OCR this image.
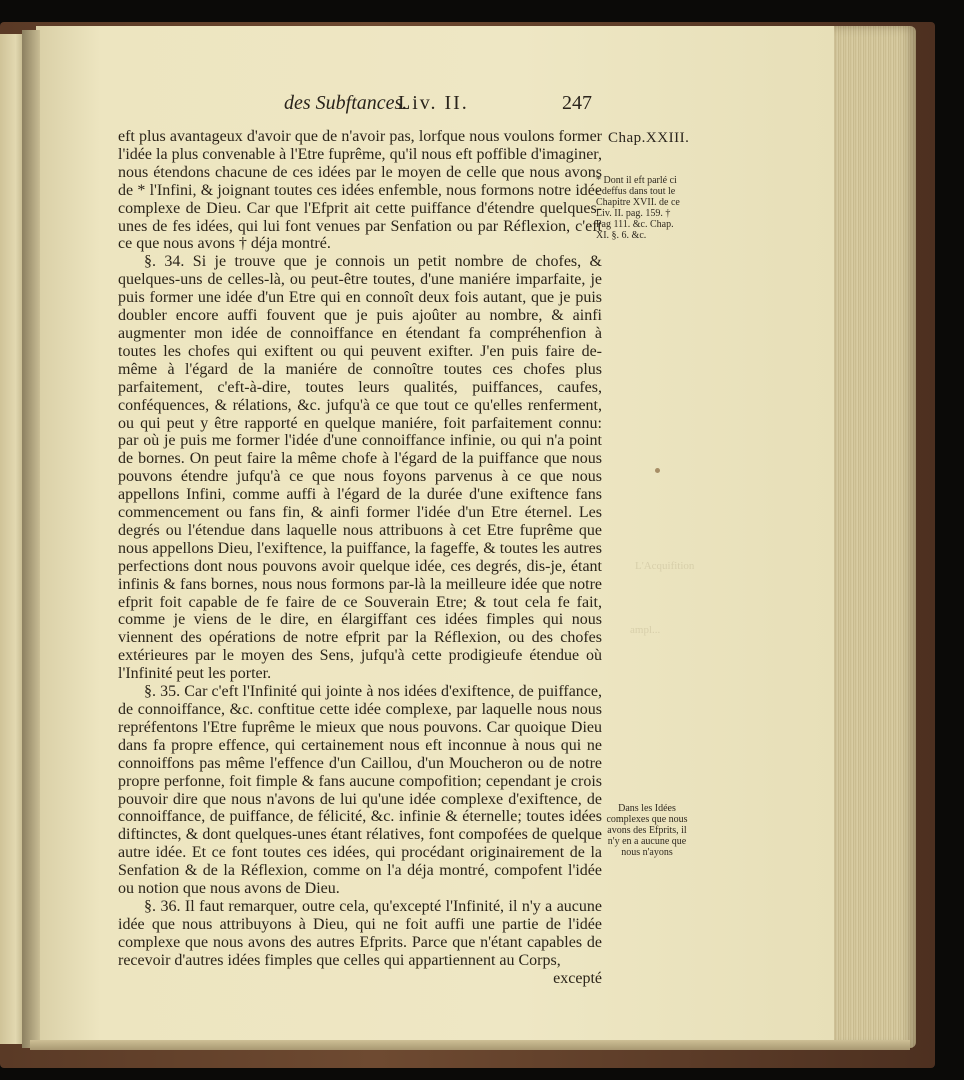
des Subftances.
Liv. II.	247
Chap.XXIII.
* Dont il eft parlé ci - deffus dans tout le Chapitre XVII. de ce Liv. II. pag. 159. † Pag 111. &c. Chap. XI. §. 6. &c.
Dans les Idées complexes que nous avons des Efprits, il n'y en a aucune que nous n'ayons
L'Acquifition
ampl...

eft plus avantageux d'avoir que de n'avoir pas, lorfque nous voulons former l'idée la plus convenable à l'Etre fuprême, qu'il nous eft poffible d'imaginer, nous étendons chacune de ces idées par le moyen de celle que nous avons de * l'Infini, & joignant toutes ces idées enfemble, nous formons notre idée complexe de Dieu. Car que l'Efprit ait cette puiffance d'étendre quelques-unes de fes idées, qui lui font venues par Senfation ou par Réflexion, c'eft ce que nous avons † déja montré.

§. 34. Si je trouve que je connois un petit nombre de chofes, & quelques-uns de celles-là, ou peut-être toutes, d'une maniére imparfaite, je puis former une idée d'un Etre qui en connoît deux fois autant, que je puis doubler encore auffi fouvent que je puis ajoûter au nombre, & ainfi augmenter mon idée de connoiffance en étendant fa compréhenfion à toutes les chofes qui exiftent ou qui peuvent exifter. J'en puis faire de-même à l'égard de la maniére de connoître toutes ces chofes plus parfaitement, c'eft-à-dire, toutes leurs qualités, puiffances, caufes, conféquences, & rélations, &c. jufqu'à ce que tout ce qu'elles renferment, ou qui peut y être rapporté en quelque maniére, foit parfaitement connu: par où je puis me former l'idée d'une connoiffance infinie, ou qui n'a point de bornes. On peut faire la même chofe à l'égard de la puiffance que nous pouvons étendre jufqu'à ce que nous foyons parvenus à ce que nous appellons Infini, comme auffi à l'égard de la durée d'une exiftence fans commencement ou fans fin, & ainfi former l'idée d'un Etre éternel. Les degrés ou l'étendue dans laquelle nous attribuons à cet Etre fuprême que nous appellons Dieu, l'exiftence, la puiffance, la fageffe, & toutes les autres perfections dont nous pouvons avoir quelque idée, ces degrés, dis-je, étant infinis & fans bornes, nous nous formons par-là la meilleure idée que notre efprit foit capable de fe faire de ce Souverain Etre; & tout cela fe fait, comme je viens de le dire, en élargiffant ces idées fimples qui nous viennent des opérations de notre efprit par la Réflexion, ou des chofes extérieures par le moyen des Sens, jufqu'à cette prodigieufe étendue où l'Infinité peut les porter.

§. 35. Car c'eft l'Infinité qui jointe à nos idées d'exiftence, de puiffance, de connoiffance, &c. conftitue cette idée complexe, par laquelle nous nous repréfentons l'Etre fuprême le mieux que nous pouvons. Car quoique Dieu dans fa propre effence, qui certainement nous eft inconnue à nous qui ne connoiffons pas même l'effence d'un Caillou, d'un Moucheron ou de notre propre perfonne, foit fimple & fans aucune compofition; cependant je crois pouvoir dire que nous n'avons de lui qu'une idée complexe d'exiftence, de connoiffance, de puiffance, de félicité, &c. infinie & éternelle; toutes idées diftinctes, & dont quelques-unes étant rélatives, font compofées de quelque autre idée. Et ce font toutes ces idées, qui procédant originairement de la Senfation & de la Réflexion, comme on l'a déja montré, compofent l'idée ou notion que nous avons de Dieu.

§. 36. Il faut remarquer, outre cela, qu'excepté l'Infinité, il n'y a aucune idée que nous attribuyons à Dieu, qui ne foit auffi une partie de l'idée complexe que nous avons des autres Efprits. Parce que n'étant capables de recevoir d'autres idées fimples que celles qui appartiennent au Corps,

excepté
